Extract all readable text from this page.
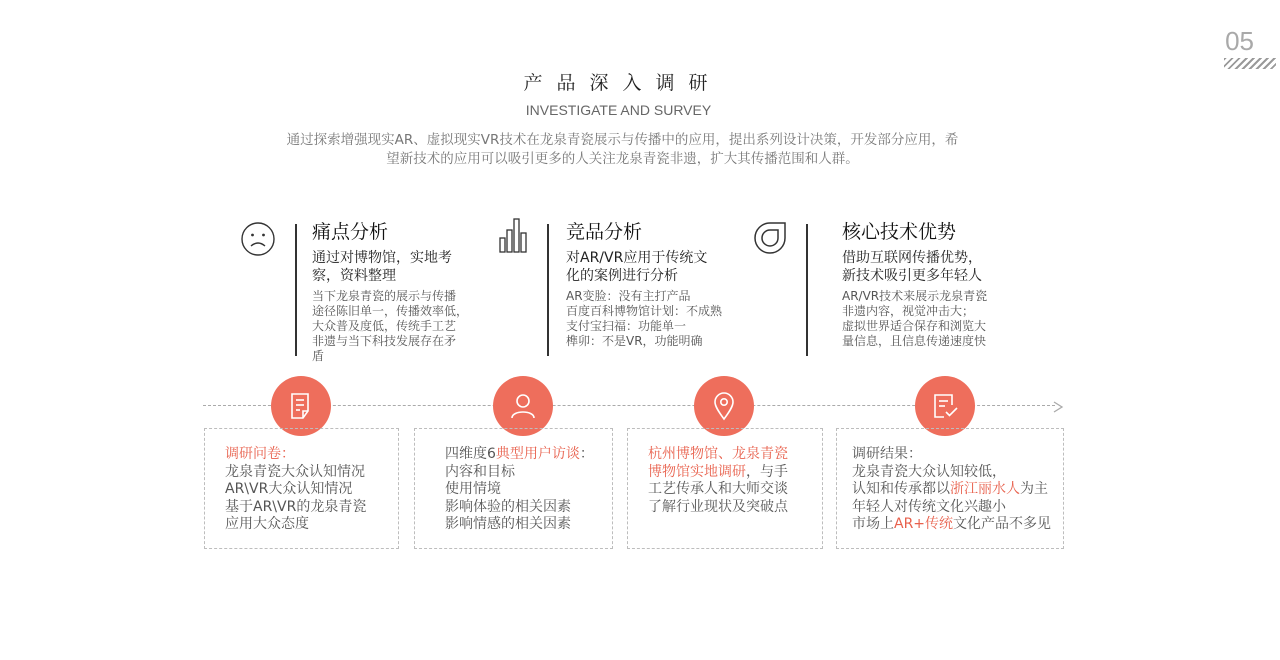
05
产品深入调研
INVESTIGATE AND SURVEY
通过探索增强现实AR、虚拟现实VR技术在龙泉青瓷展示与传播中的应用，提出系列设计决策，开发部分应用，希
望新技术的应用可以吸引更多的人关注龙泉青瓷非遗，扩大其传播范围和人群。
痛点分析
通过对博物馆，实地考
察，资料整理
当下龙泉青瓷的展示与传播
途径陈旧单一，传播效率低，
大众普及度低，传统手工艺
非遗与当下科技发展存在矛
盾
竞品分析
对AR/VR应用于传统文
化的案例进行分析
AR变脸：没有主打产品
百度百科博物馆计划：不成熟
支付宝扫福：功能单一
榫卯：不是VR，功能明确
核心技术优势
借助互联网传播优势，
新技术吸引更多年轻人
AR/VR技术来展示龙泉青瓷
非遗内容，视觉冲击大；
虚拟世界适合保存和浏览大
量信息，且信息传递速度快
调研问卷：
龙泉青瓷大众认知情况
AR\VR大众认知情况
基于AR\VR的龙泉青瓷
应用大众态度
四维度6典型用户访谈：
内容和目标
使用情境
影响体验的相关因素
影响情感的相关因素
杭州博物馆、龙泉青瓷
博物馆实地调研，与手
工艺传承人和大师交谈
了解行业现状及突破点
调研结果：
龙泉青瓷大众认知较低，
认知和传承都以浙江丽水人为主
年轻人对传统文化兴趣小
市场上AR+传统文化产品不多见
